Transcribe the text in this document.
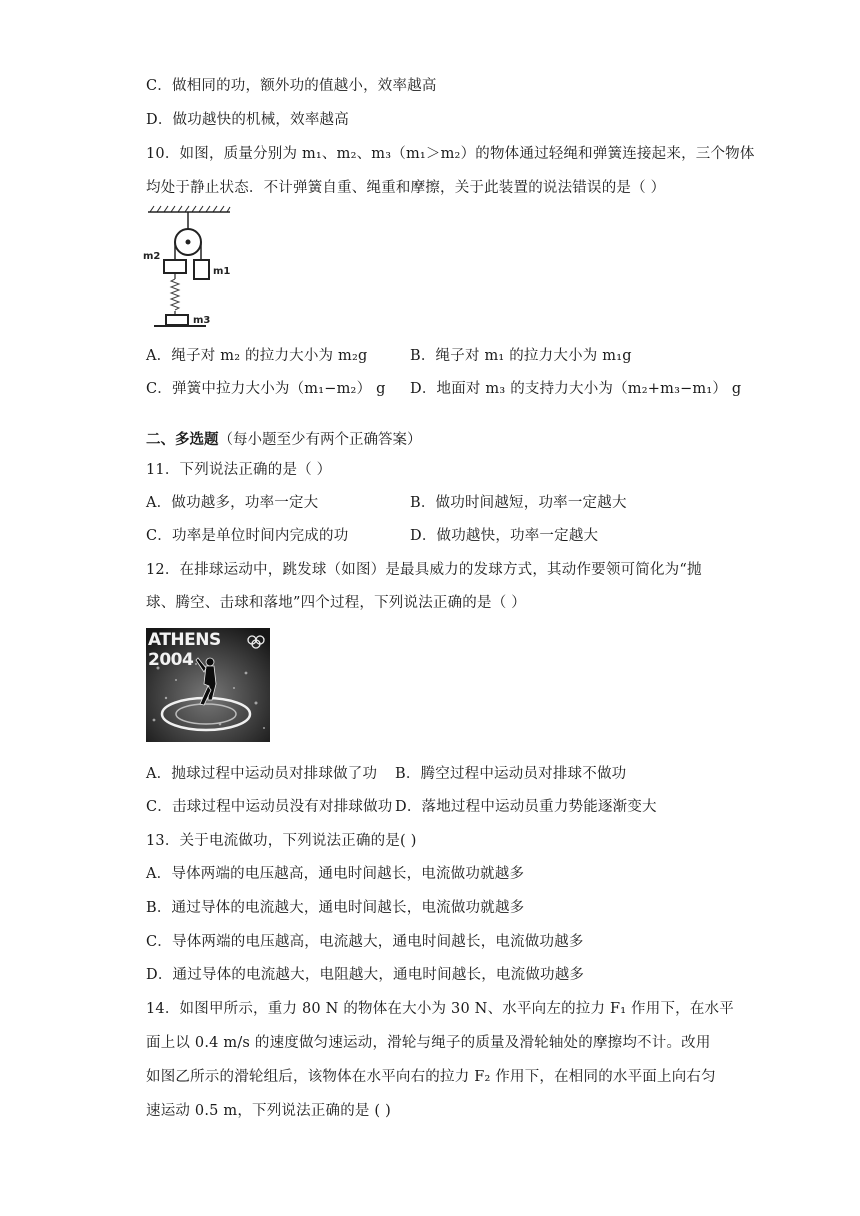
C．做相同的功，额外功的值越小，效率越高
D．做功越快的机械，效率越高
10．如图，质量分别为 m₁、m₂、m₃（m₁＞m₂）的物体通过轻绳和弹簧连接起来，三个物体
均处于静止状态．不计弹簧自重、绳重和摩擦，关于此装置的说法错误的是（ ）
m2
m1
m3
A．绳子对 m₂ 的拉力大小为 m₂g	B．绳子对 m₁ 的拉力大小为 m₁g
C．弹簧中拉力大小为（m₁−m₂） g D．地面对 m₃ 的支持力大小为（m₂+m₃−m₁） g
二、多选题（每小题至少有两个正确答案）
11．下列说法正确的是（ ）
A．做功越多，功率一定大	B．做功时间越短，功率一定越大
C．功率是单位时间内完成的功	D．做功越快，功率一定越大
12．在排球运动中，跳发球（如图）是最具威力的发球方式，其动作要领可简化为“抛
球、腾空、击球和落地”四个过程，下列说法正确的是（ ）
ATHENS 2004
A．抛球过程中运动员对排球做了功 B．腾空过程中运动员对排球不做功
C．击球过程中运动员没有对排球做功 D．落地过程中运动员重力势能逐渐变大
13．关于电流做功，下列说法正确的是( )
A．导体两端的电压越高，通电时间越长，电流做功就越多
B．通过导体的电流越大，通电时间越长，电流做功就越多
C．导体两端的电压越高，电流越大，通电时间越长，电流做功越多
D．通过导体的电流越大，电阻越大，通电时间越长，电流做功越多
14．如图甲所示，重力 80 N 的物体在大小为 30 N、水平向左的拉力 F₁ 作用下，在水平
面上以 0.4 m/s 的速度做匀速运动，滑轮与绳子的质量及滑轮轴处的摩擦均不计。改用
如图乙所示的滑轮组后，该物体在水平向右的拉力 F₂ 作用下，在相同的水平面上向右匀
速运动 0.5 m，下列说法正确的是 ( )
